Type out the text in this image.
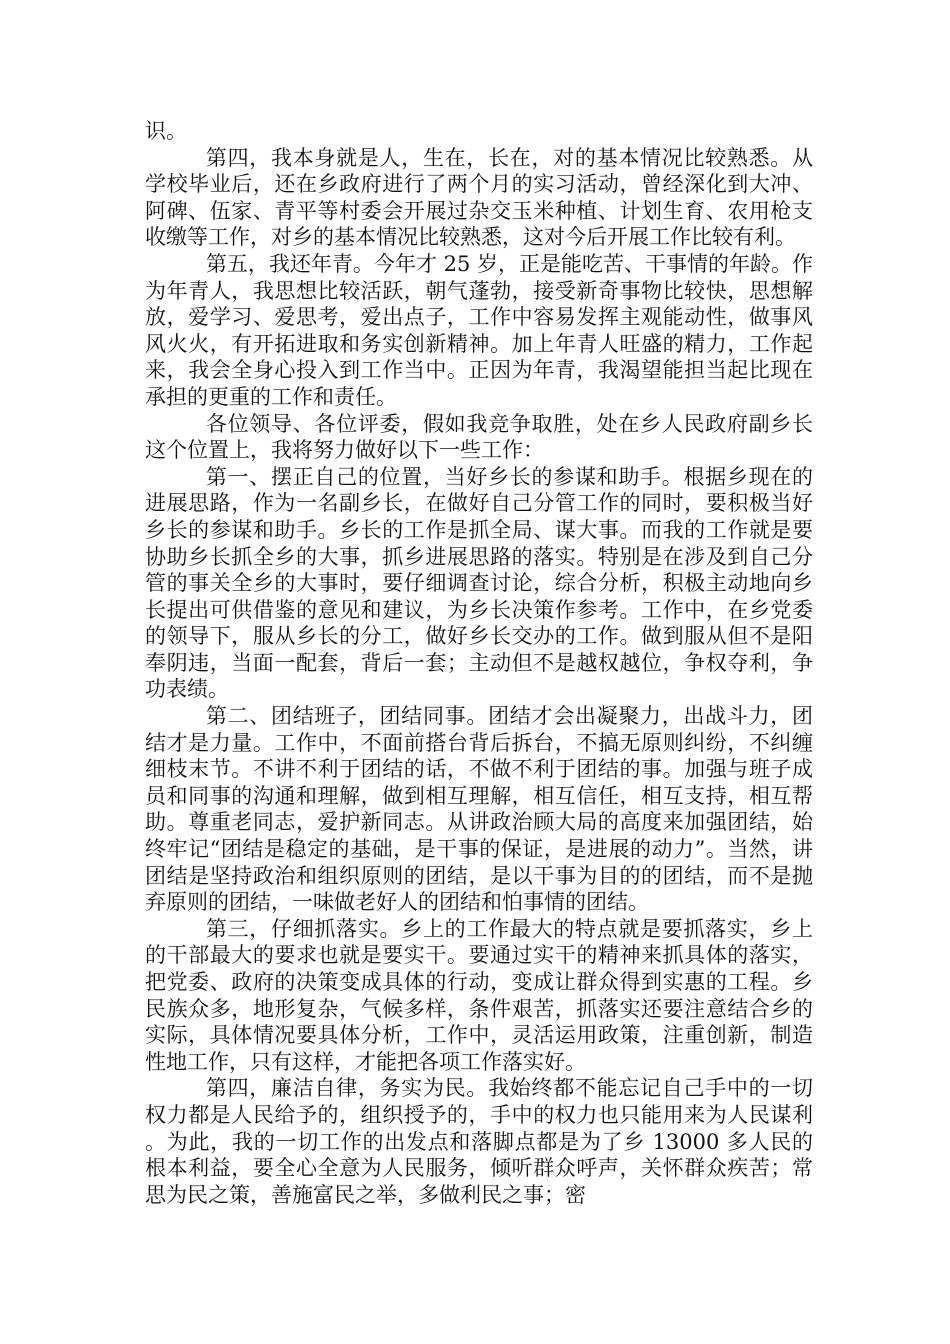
识。

第四，我本身就是人，生在，长在，对的基本情况比较熟悉。从学校毕业后，还在乡政府进行了两个月的实习活动，曾经深化到大冲、阿碑、伍家、青平等村委会开展过杂交玉米种植、计划生育、农用枪支收缴等工作，对乡的基本情况比较熟悉，这对今后开展工作比较有利。

第五，我还年青。今年才 25 岁，正是能吃苦、干事情的年龄。作为年青人，我思想比较活跃，朝气蓬勃，接受新奇事物比较快，思想解放，爱学习、爱思考，爱出点子，工作中容易发挥主观能动性，做事风风火火，有开拓进取和务实创新精神。加上年青人旺盛的精力，工作起来，我会全身心投入到工作当中。正因为年青，我渴望能担当起比现在承担的更重的工作和责任。

各位领导、各位评委，假如我竞争取胜，处在乡人民政府副乡长这个位置上，我将努力做好以下一些工作：

第一、摆正自己的位置，当好乡长的参谋和助手。根据乡现在的进展思路，作为一名副乡长，在做好自己分管工作的同时，要积极当好乡长的参谋和助手。乡长的工作是抓全局、谋大事。而我的工作就是要协助乡长抓全乡的大事，抓乡进展思路的落实。特别是在涉及到自己分管的事关全乡的大事时，要仔细调查讨论，综合分析，积极主动地向乡长提出可供借鉴的意见和建议，为乡长决策作参考。工作中，在乡党委的领导下，服从乡长的分工，做好乡长交办的工作。做到服从但不是阳奉阴违，当面一配套，背后一套；主动但不是越权越位，争权夺利，争功表绩。

第二、团结班子，团结同事。团结才会出凝聚力，出战斗力，团结才是力量。工作中，不面前搭台背后拆台，不搞无原则纠纷，不纠缠细枝末节。不讲不利于团结的话，不做不利于团结的事。加强与班子成员和同事的沟通和理解，做到相互理解，相互信任，相互支持，相互帮助。尊重老同志，爱护新同志。从讲政治顾大局的高度来加强团结，始终牢记“团结是稳定的基础，是干事的保证，是进展的动力”。当然，讲团结是坚持政治和组织原则的团结，是以干事为目的的团结，而不是抛弃原则的团结，一味做老好人的团结和怕事情的团结。

第三，仔细抓落实。乡上的工作最大的特点就是要抓落实，乡上的干部最大的要求也就是要实干。要通过实干的精神来抓具体的落实，把党委、政府的决策变成具体的行动，变成让群众得到实惠的工程。乡民族众多，地形复杂，气候多样，条件艰苦，抓落实还要注意结合乡的实际，具体情况要具体分析，工作中，灵活运用政策，注重创新，制造性地工作，只有这样，才能把各项工作落实好。

第四，廉洁自律，务实为民。我始终都不能忘记自己手中的一切权力都是人民给予的，组织授予的，手中的权力也只能用来为人民谋利。为此，我的一切工作的出发点和落脚点都是为了乡 13000 多人民的根本利益，要全心全意为人民服务，倾听群众呼声，关怀群众疾苦；常思为民之策，善施富民之举，多做利民之事；密
